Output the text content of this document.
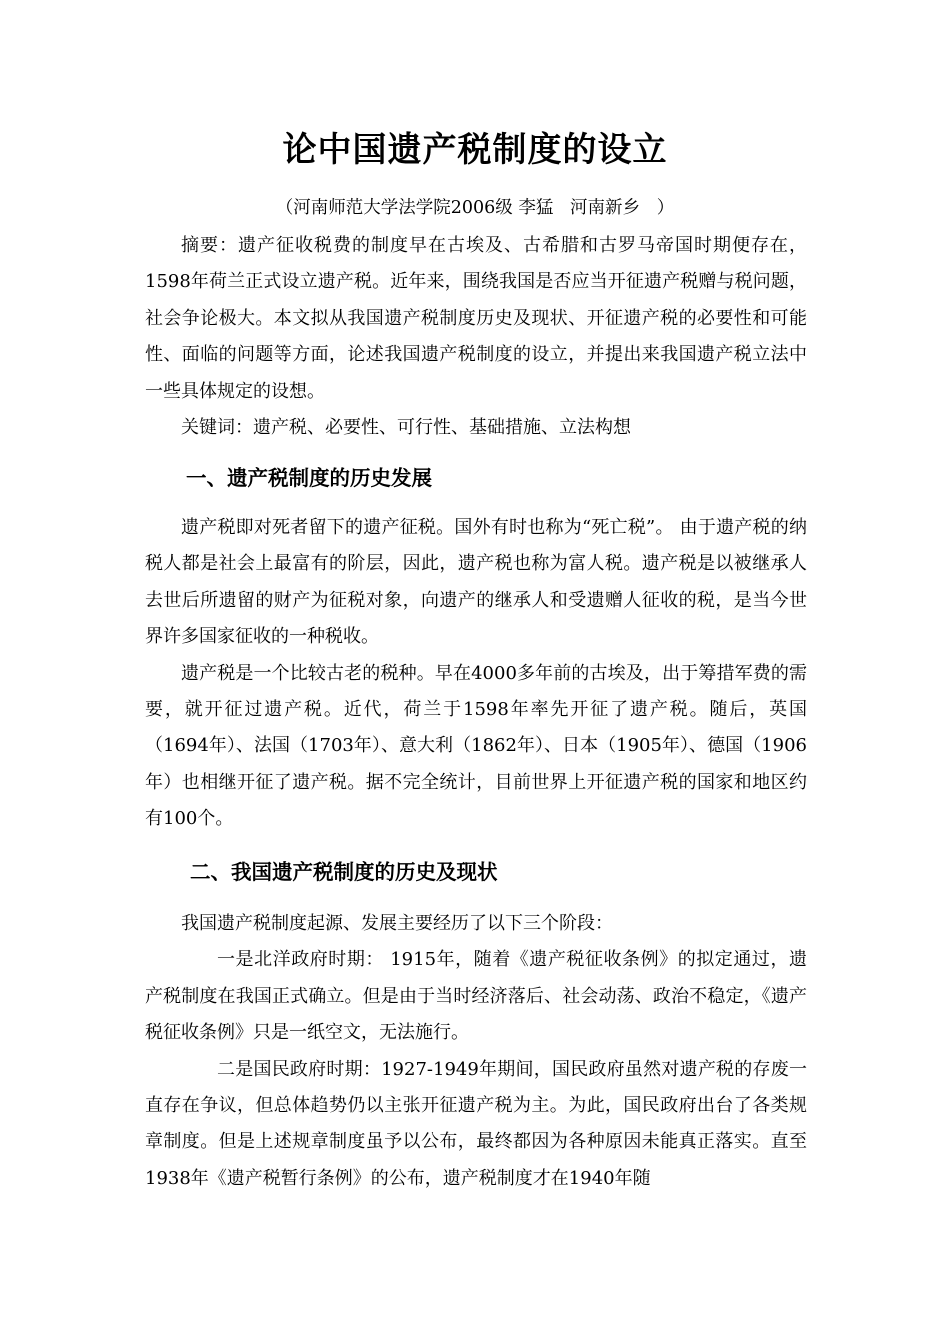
论中国遗产税制度的设立
（河南师范大学法学院2006级 李猛   河南新乡   ）

摘要：遗产征收税费的制度早在古埃及、古希腊和古罗马帝国时期便存在，1598年荷兰正式设立遗产税。近年来，围绕我国是否应当开征遗产税赠与税问题，社会争论极大。本文拟从我国遗产税制度历史及现状、开征遗产税的必要性和可能性、面临的问题等方面，论述我国遗产税制度的设立，并提出来我国遗产税立法中一些具体规定的设想。

关键词：遗产税、必要性、可行性、基础措施、立法构想

一、遗产税制度的历史发展

遗产税即对死者留下的遗产征税。国外有时也称为“死亡税”。 由于遗产税的纳税人都是社会上最富有的阶层，因此，遗产税也称为富人税。遗产税是以被继承人去世后所遗留的财产为征税对象，向遗产的继承人和受遗赠人征收的税，是当今世界许多国家征收的一种税收。

遗产税是一个比较古老的税种。早在4000多年前的古埃及，出于筹措军费的需要，就开征过遗产税。近代，荷兰于1598年率先开征了遗产税。随后，英国（1694年）、法国（1703年）、意大利（1862年）、日本（1905年）、德国（1906年）也相继开征了遗产税。据不完全统计，目前世界上开征遗产税的国家和地区约有100个。

二、我国遗产税制度的历史及现状

我国遗产税制度起源、发展主要经历了以下三个阶段：

一是北洋政府时期： 1915年，随着《遗产税征收条例》的拟定通过，遗产税制度在我国正式确立。但是由于当时经济落后、社会动荡、政治不稳定，《遗产税征收条例》只是一纸空文，无法施行。

二是国民政府时期：1927-1949年期间，国民政府虽然对遗产税的存废一直存在争议，但总体趋势仍以主张开征遗产税为主。为此，国民政府出台了各类规章制度。但是上述规章制度虽予以公布，最终都因为各种原因未能真正落实。直至1938年《遗产税暂行条例》的公布，遗产税制度才在1940年随
